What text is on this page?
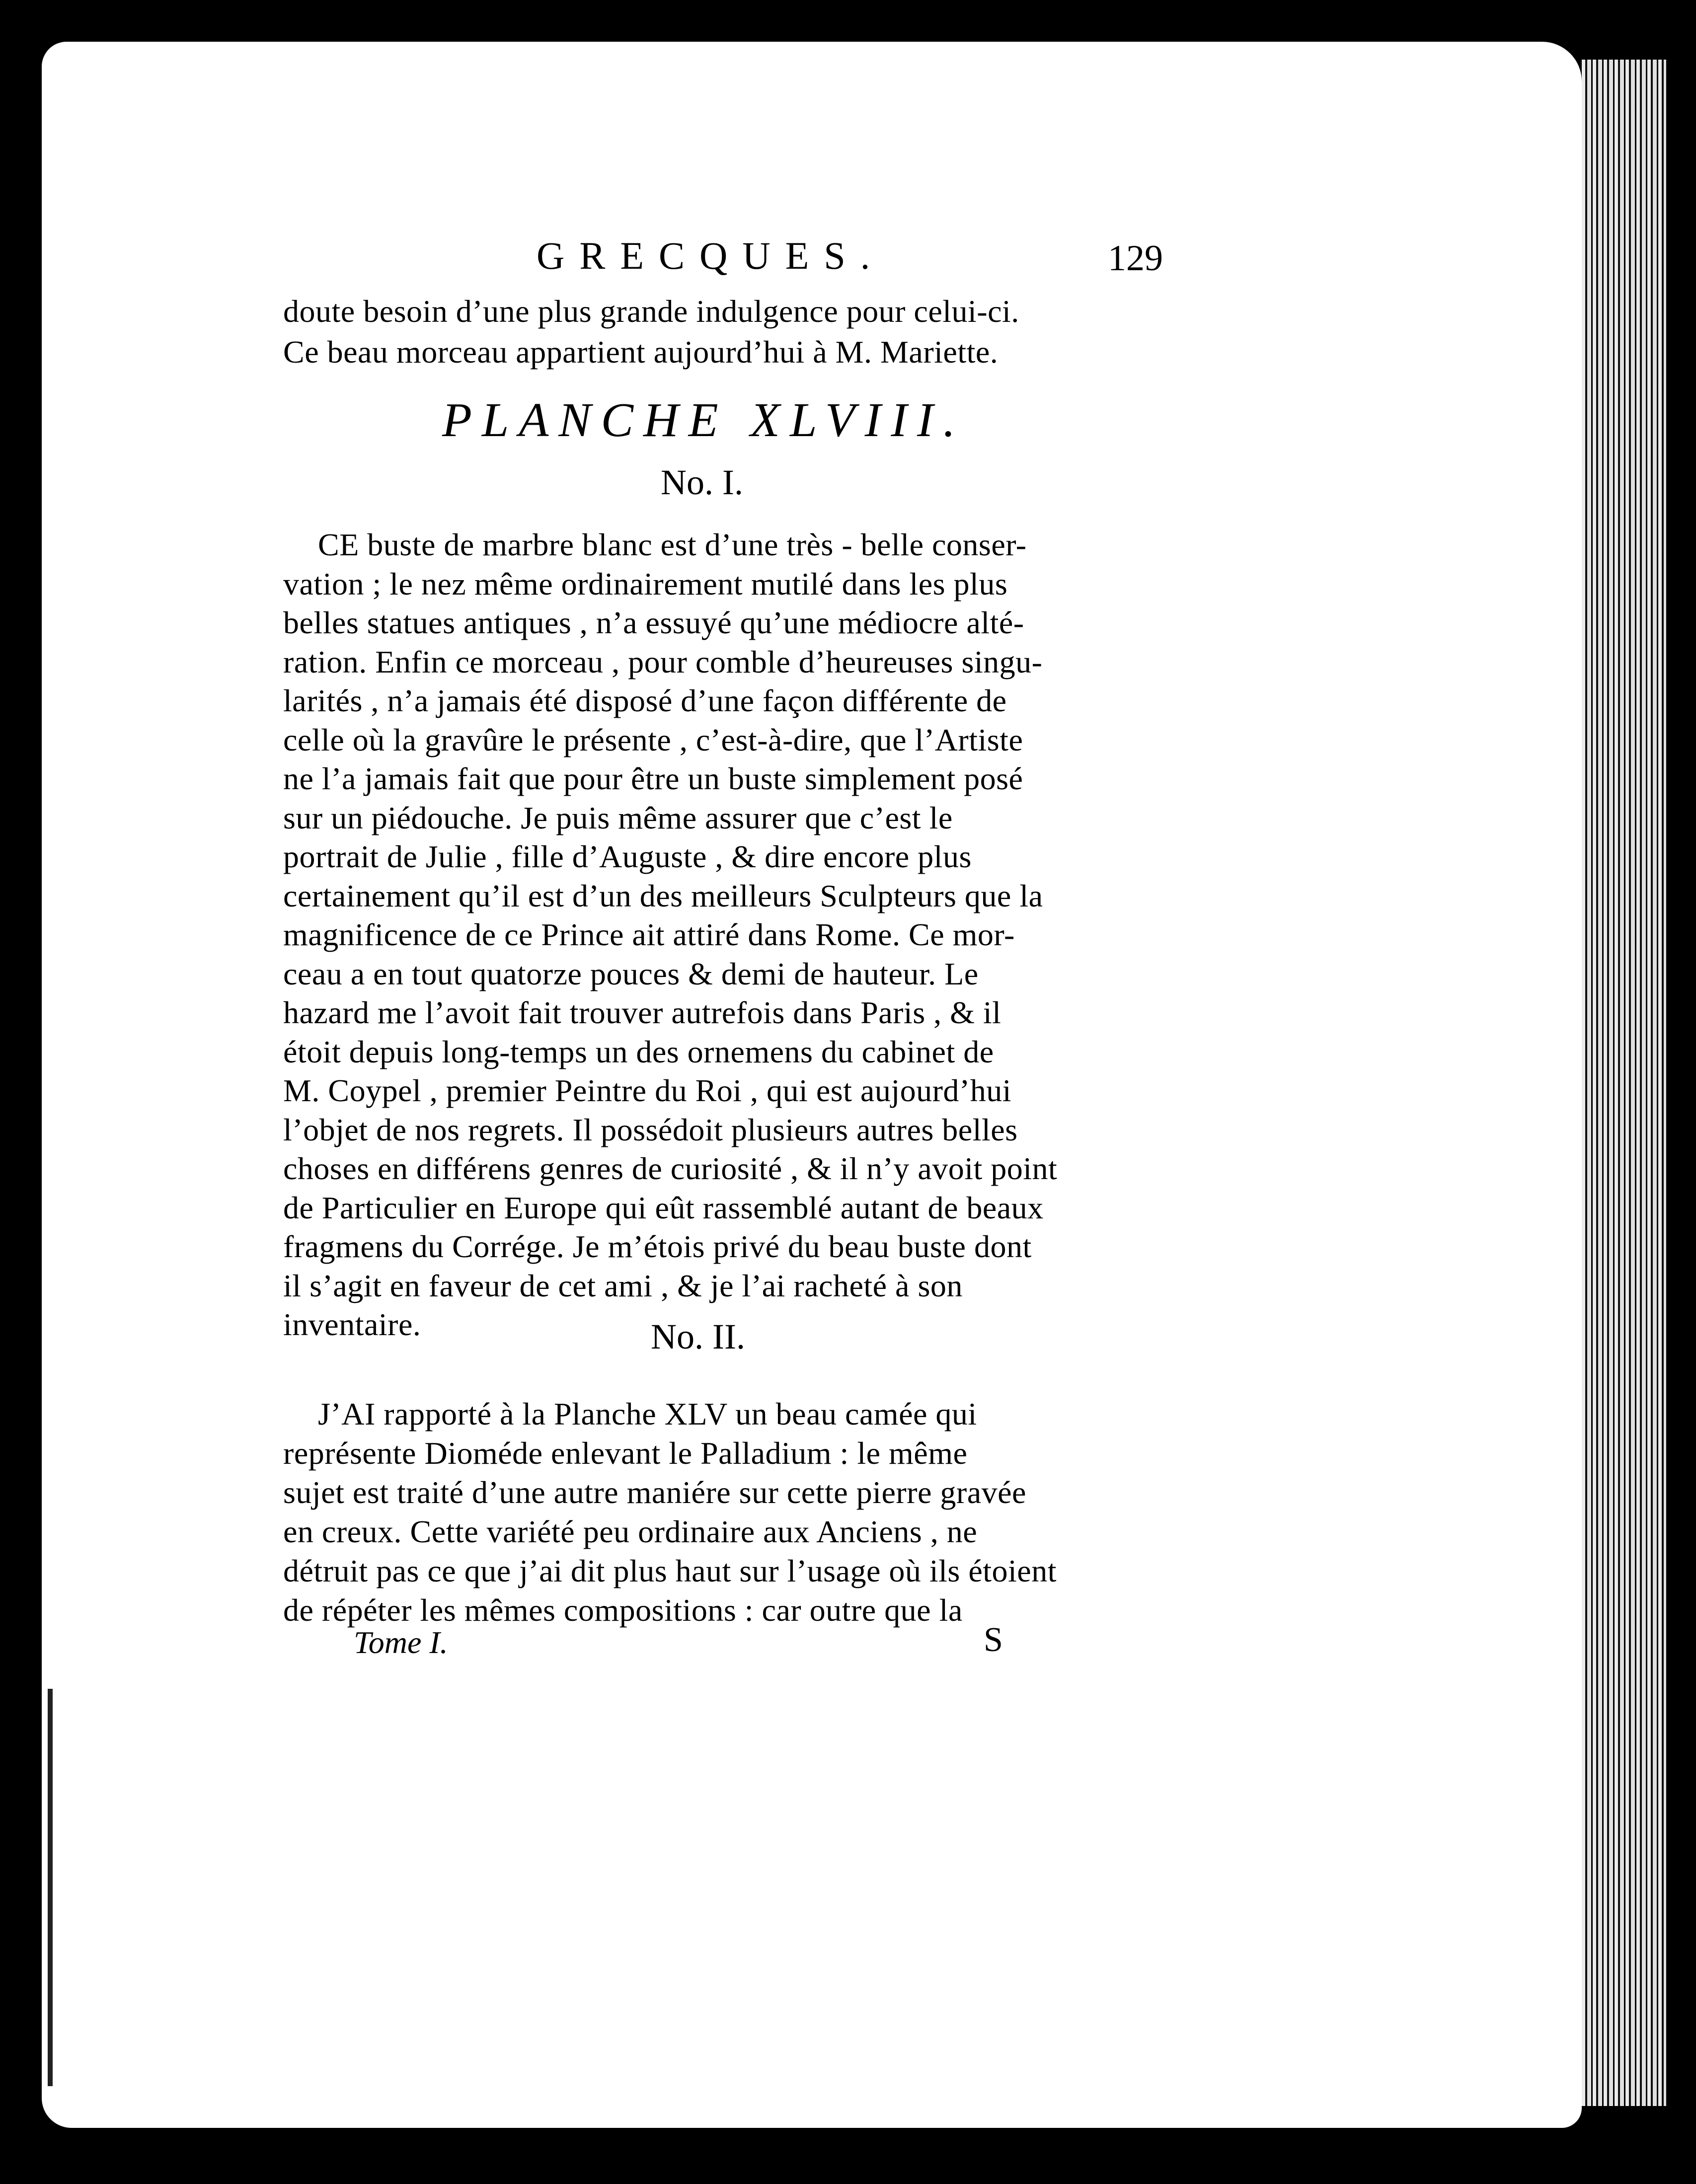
GRECQUES.	129
doute besoin d’une plus grande indulgence pour celui-ci.
Ce beau morceau appartient aujourd’hui à M. Mariette.
PLANCHE XLVIII.
No. I.
CE buste de marbre blanc est d’une très - belle conser-
vation ; le nez même ordinairement mutilé dans les plus
belles statues antiques , n’a essuyé qu’une médiocre alté-
ration. Enfin ce morceau , pour comble d’heureuses singu-
larités , n’a jamais été disposé d’une façon différente de
celle où la gravûre le présente , c’est-à-dire, que l’Artiste
ne l’a jamais fait que pour être un buste simplement posé
sur un piédouche. Je puis même assurer que c’est le
portrait de Julie , fille d’Auguste , & dire encore plus
certainement qu’il est d’un des meilleurs Sculpteurs que la
magnificence de ce Prince ait attiré dans Rome. Ce mor-
ceau a en tout quatorze pouces & demi de hauteur. Le
hazard me l’avoit fait trouver autrefois dans Paris , & il
étoit depuis long-temps un des ornemens du cabinet de
M. Coypel , premier Peintre du Roi , qui est aujourd’hui
l’objet de nos regrets. Il possédoit plusieurs autres belles
choses en différens genres de curiosité , & il n’y avoit point
de Particulier en Europe qui eût rassemblé autant de beaux
fragmens du Corrége. Je m’étois privé du beau buste dont
il s’agit en faveur de cet ami , & je l’ai racheté à son
inventaire.	No. II.
J’AI rapporté à la Planche XLV un beau camée qui
représente Dioméde enlevant le Palladium : le même
sujet est traité d’une autre maniére sur cette pierre gravée
en creux. Cette variété peu ordinaire aux Anciens , ne
détruit pas ce que j’ai dit plus haut sur l’usage où ils étoient
de répéter les mêmes compositions : car outre que la
Tome I.	S
